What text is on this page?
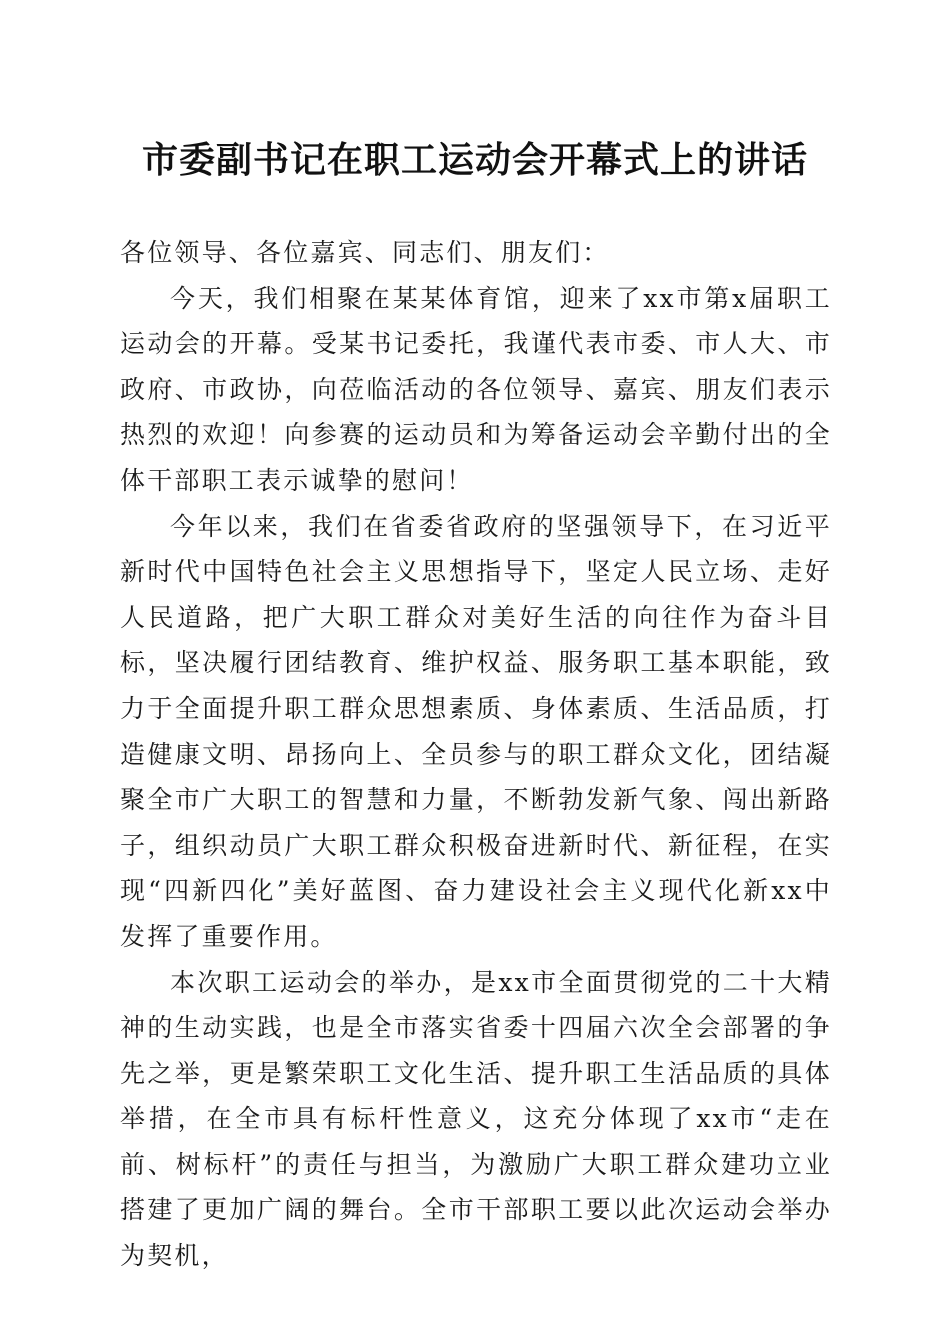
市委副书记在职工运动会开幕式上的讲话

各位领导、各位嘉宾、同志们、朋友们：

今天，我们相聚在某某体育馆，迎来了xx市第x届职工运动会的开幕。受某书记委托，我谨代表市委、市人大、市政府、市政协，向莅临活动的各位领导、嘉宾、朋友们表示热烈的欢迎！向参赛的运动员和为筹备运动会辛勤付出的全体干部职工表示诚挚的慰问！

今年以来，我们在省委省政府的坚强领导下，在习近平新时代中国特色社会主义思想指导下，坚定人民立场、走好人民道路，把广大职工群众对美好生活的向往作为奋斗目标，坚决履行团结教育、维护权益、服务职工基本职能，致力于全面提升职工群众思想素质、身体素质、生活品质，打造健康文明、昂扬向上、全员参与的职工群众文化，团结凝聚全市广大职工的智慧和力量，不断勃发新气象、闯出新路子，组织动员广大职工群众积极奋进新时代、新征程，在实现“四新四化”美好蓝图、奋力建设社会主义现代化新xx中发挥了重要作用。

本次职工运动会的举办，是xx市全面贯彻党的二十大精神的生动实践，也是全市落实省委十四届六次全会部署的争先之举，更是繁荣职工文化生活、提升职工生活品质的具体举措，在全市具有标杆性意义，这充分体现了xx市“走在前、树标杆”的责任与担当，为激励广大职工群众建功立业搭建了更加广阔的舞台。全市干部职工要以此次运动会举办为契机，
